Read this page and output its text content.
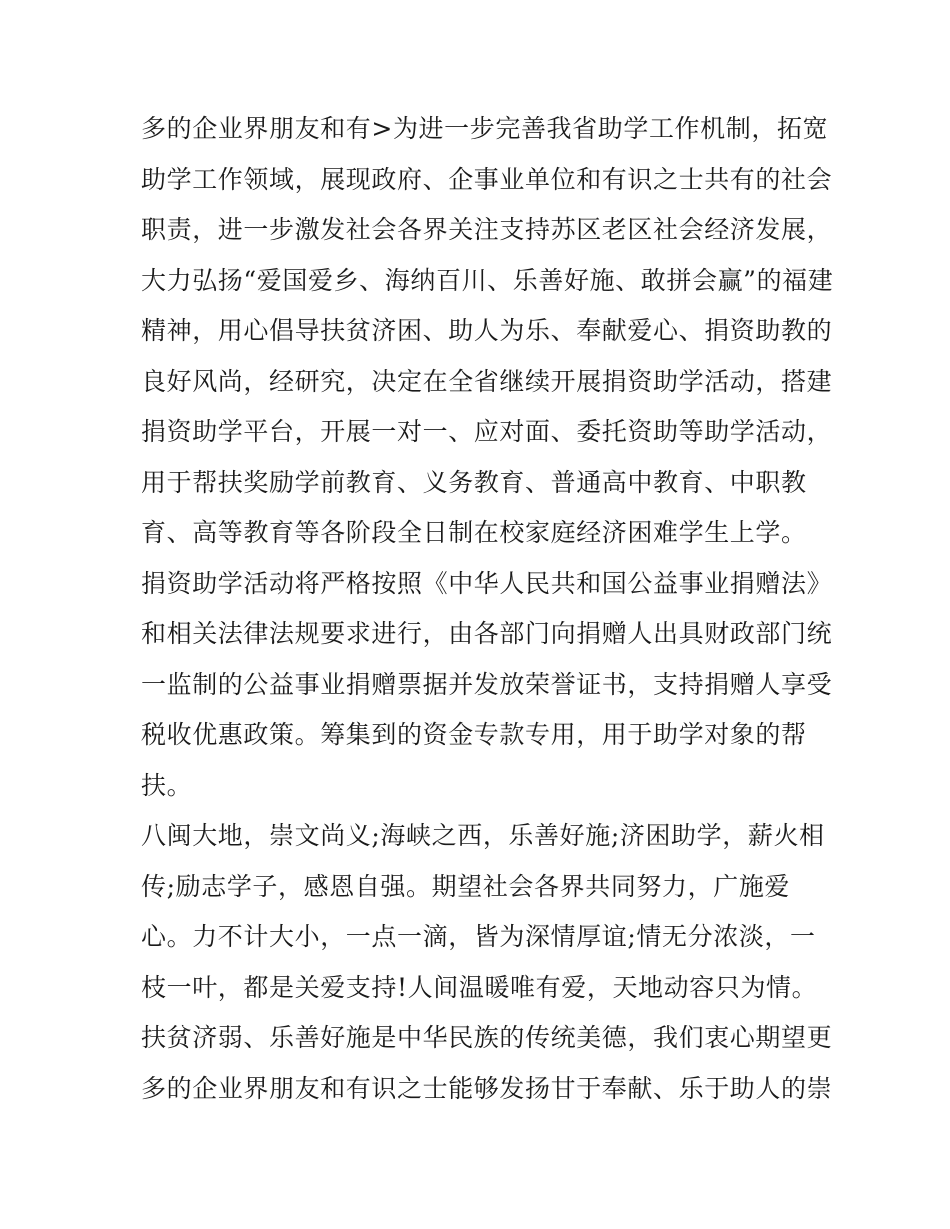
多的企业界朋友和有>为进一步完善我省助学工作机制，拓宽
助学工作领域，展现政府、企事业单位和有识之士共有的社会
职责，进一步激发社会各界关注支持苏区老区社会经济发展，
大力弘扬“爱国爱乡、海纳百川、乐善好施、敢拼会赢”的福建
精神，用心倡导扶贫济困、助人为乐、奉献爱心、捐资助教的
良好风尚，经研究，决定在全省继续开展捐资助学活动，搭建
捐资助学平台，开展一对一、应对面、委托资助等助学活动，
用于帮扶奖励学前教育、义务教育、普通高中教育、中职教
育、高等教育等各阶段全日制在校家庭经济困难学生上学。
捐资助学活动将严格按照《中华人民共和国公益事业捐赠法》
和相关法律法规要求进行，由各部门向捐赠人出具财政部门统
一监制的公益事业捐赠票据并发放荣誉证书，支持捐赠人享受
税收优惠政策。筹集到的资金专款专用，用于助学对象的帮
扶。
八闽大地，崇文尚义;海峡之西，乐善好施;济困助学，薪火相
传;励志学子，感恩自强。期望社会各界共同努力，广施爱
心。力不计大小，一点一滴，皆为深情厚谊;情无分浓淡，一
枝一叶，都是关爱支持!人间温暖唯有爱，天地动容只为情。
扶贫济弱、乐善好施是中华民族的传统美德，我们衷心期望更
多的企业界朋友和有识之士能够发扬甘于奉献、乐于助人的崇
